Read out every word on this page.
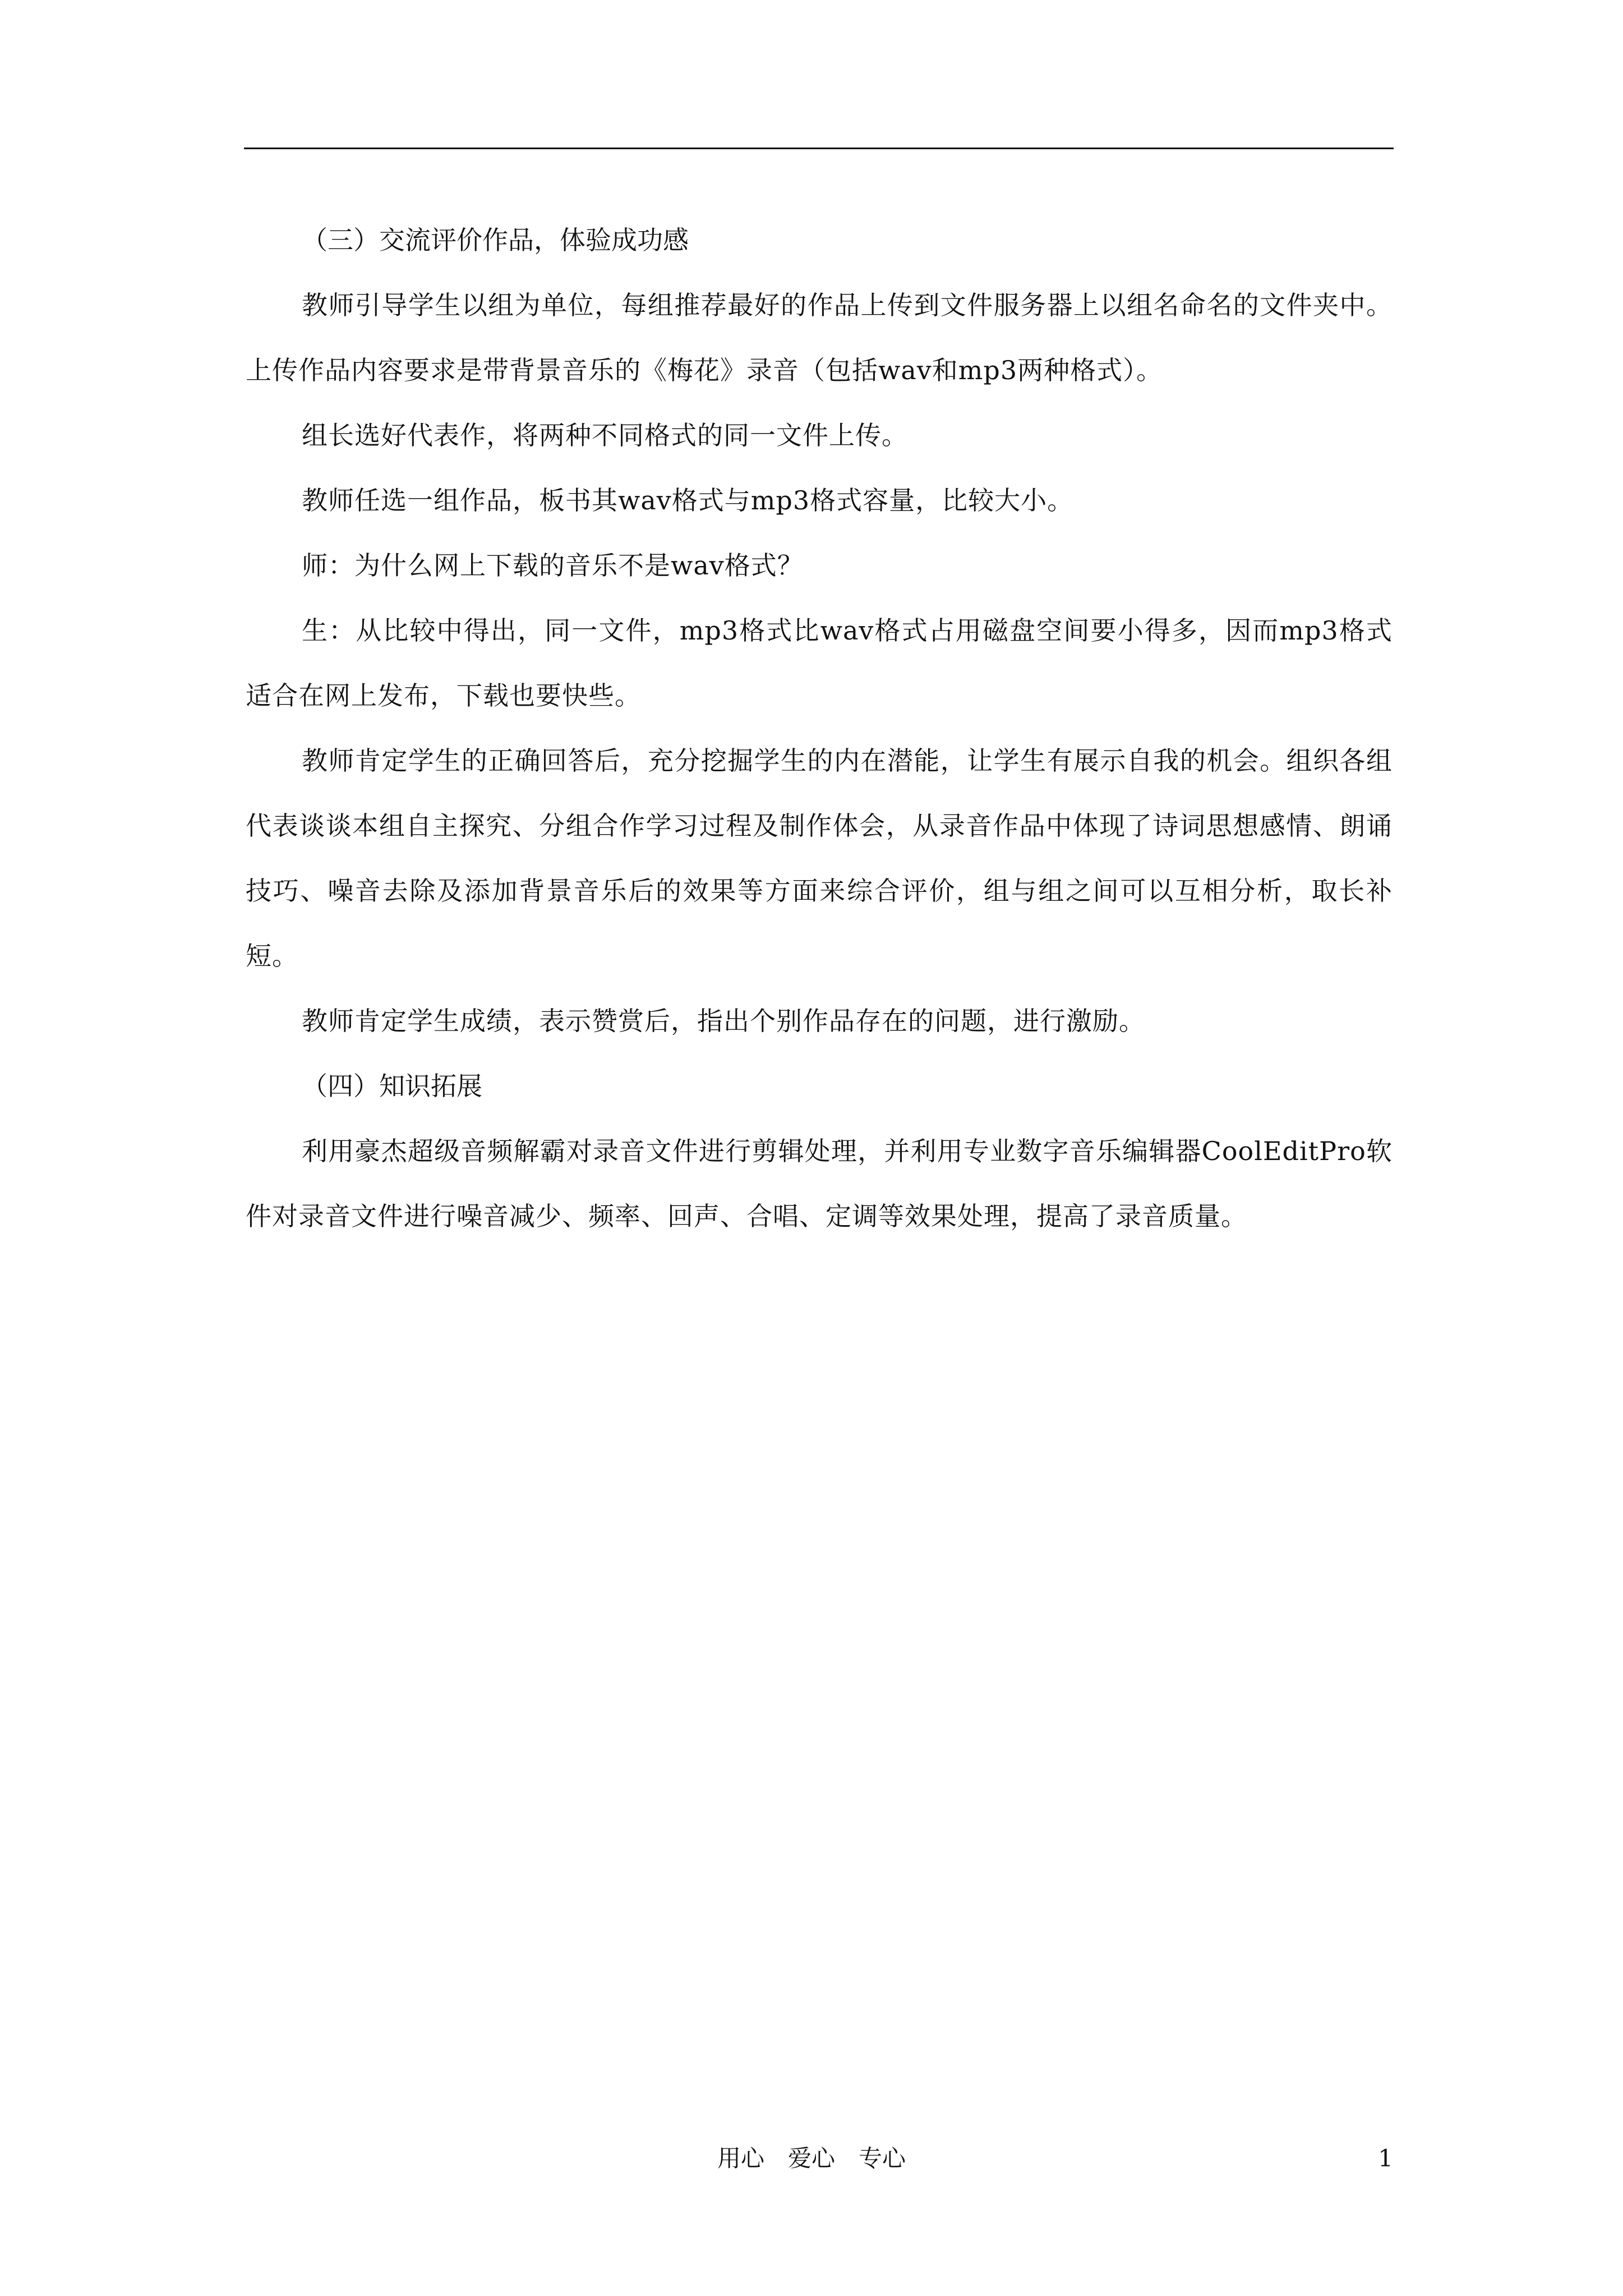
（三）交流评价作品，体验成功感

教师引导学生以组为单位，每组推荐最好的作品上传到文件服务器上以组名命名的文件夹中。上传作品内容要求是带背景音乐的《梅花》录音（包括wav和mp3两种格式）。

组长选好代表作，将两种不同格式的同一文件上传。

教师任选一组作品，板书其wav格式与mp3格式容量，比较大小。

师：为什么网上下载的音乐不是wav格式？

生：从比较中得出，同一文件，mp3格式比wav格式占用磁盘空间要小得多，因而mp3格式适合在网上发布，下载也要快些。

教师肯定学生的正确回答后，充分挖掘学生的内在潜能，让学生有展示自我的机会。组织各组代表谈谈本组自主探究、分组合作学习过程及制作体会，从录音作品中体现了诗词思想感情、朗诵技巧、噪音去除及添加背景音乐后的效果等方面来综合评价，组与组之间可以互相分析，取长补短。

教师肯定学生成绩，表示赞赏后，指出个别作品存在的问题，进行激励。

（四）知识拓展

利用豪杰超级音频解霸对录音文件进行剪辑处理，并利用专业数字音乐编辑器CoolEditPro软件对录音文件进行噪音减少、频率、回声、合唱、定调等效果处理，提高了录音质量。

用心　爱心　专心	1
